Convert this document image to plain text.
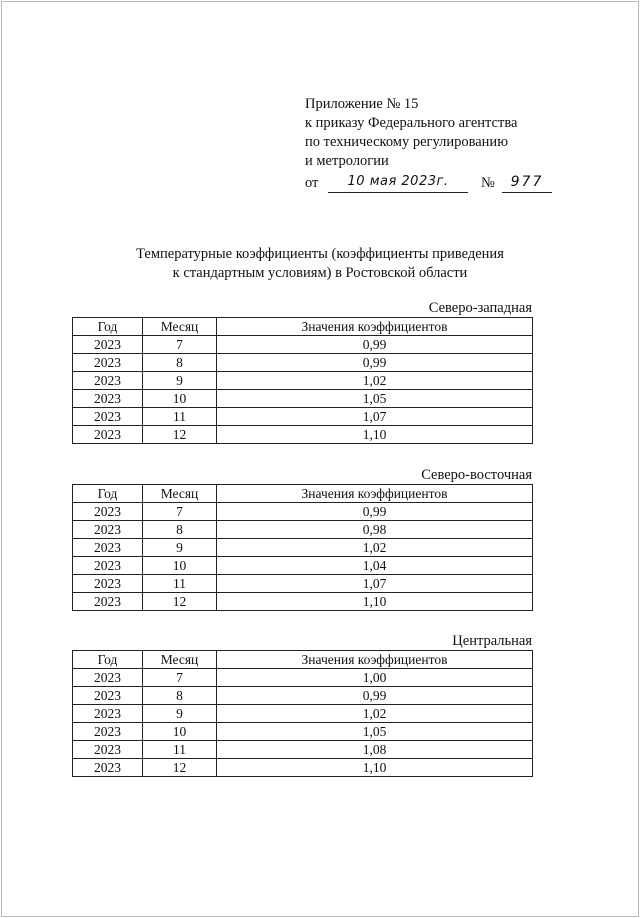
Приложение № 15
к приказу Федерального агентства
по техническому регулированию
и метрологии
от	10 мая 2023г.	№	977
Температурные коэффициенты (коэффициенты приведения
к стандартным условиям) в Ростовской области
Северо-западная
Год	Месяц	Значения коэффициентов
2023	7	0,99
2023	8	0,99
2023	9	1,02
2023	10	1,05
2023	11	1,07
2023	12	1,10
Северо-восточная
Год	Месяц	Значения коэффициентов
2023	7	0,99
2023	8	0,98
2023	9	1,02
2023	10	1,04
2023	11	1,07
2023	12	1,10
Центральная
Год	Месяц	Значения коэффициентов
2023	7	1,00
2023	8	0,99
2023	9	1,02
2023	10	1,05
2023	11	1,08
2023	12	1,10
